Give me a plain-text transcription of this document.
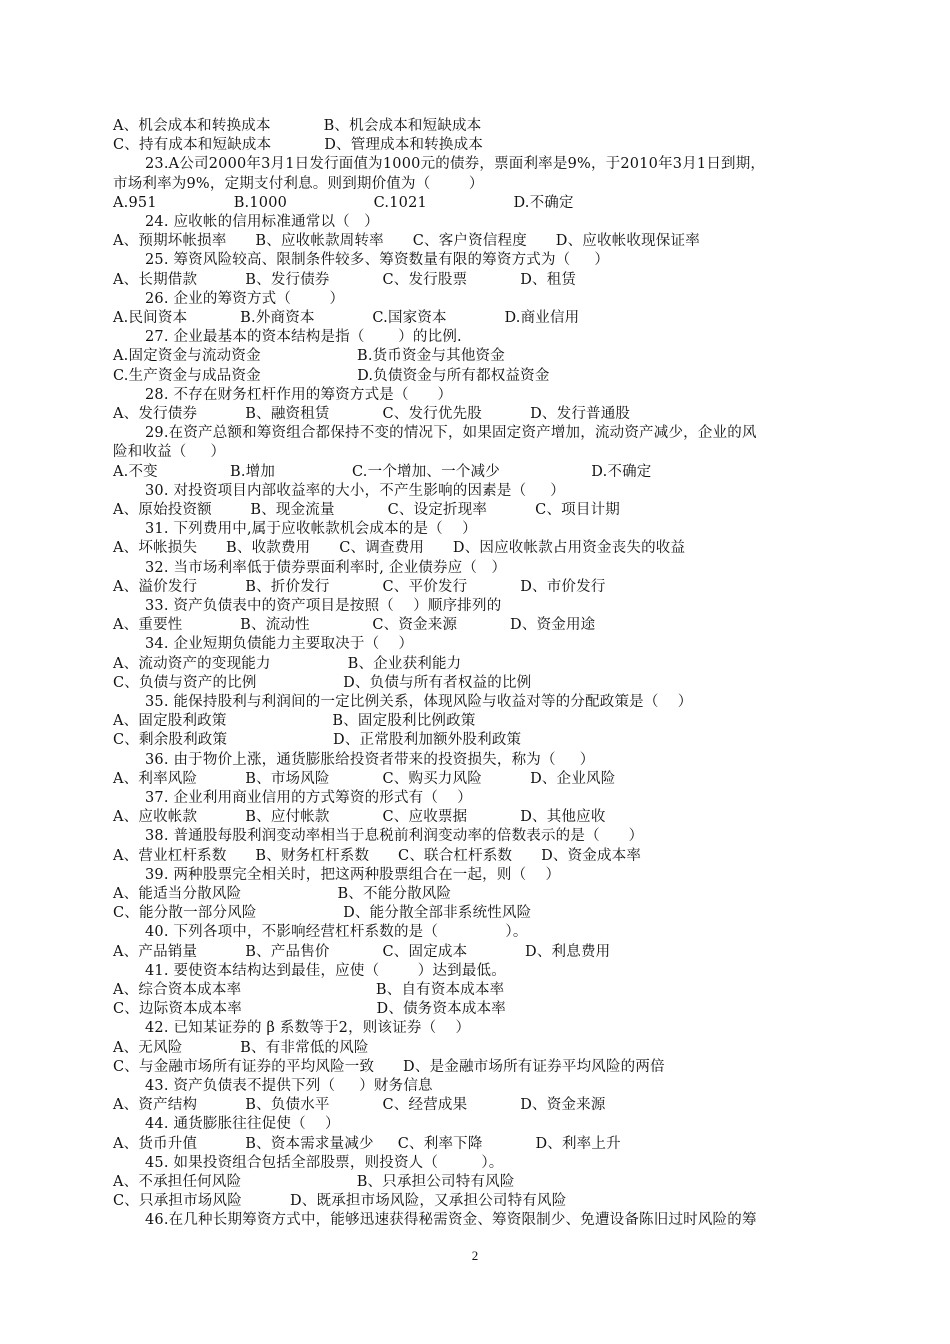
A、机会成本和转换成本           B、机会成本和短缺成本
C、持有成本和短缺成本           D、管理成本和转换成本
23.A公司2000年3月1日发行面值为1000元的债券，票面利率是9%，于2010年3月1日到期，
市场利率为9%，定期支付利息。则到期价值为（        ）
A.951                B.1000                  C.1021                  D.不确定
24. 应收帐的信用标准通常以（   ）
A、预期坏帐损率      B、应收帐款周转率      C、客户资信程度      D、应收帐收现保证率
25. 筹资风险较高、限制条件较多、筹资数量有限的筹资方式为（     ）
A、长期借款          B、发行债券           C、发行股票           D、租赁
26. 企业的筹资方式（        ）
A.民间资本           B.外商资本            C.国家资本            D.商业信用
27. 企业最基本的资本结构是指（       ）的比例.
A.固定资金与流动资金                    B.货币资金与其他资金
C.生产资金与成品资金                    D.负债资金与所有都权益资金
28. 不存在财务杠杆作用的筹资方式是（      ）
A、发行债券          B、融资租赁           C、发行优先股          D、发行普通股
29.在资产总额和筹资组合都保持不变的情况下，如果固定资产增加，流动资产减少，企业的风
险和收益（     ）
A.不变               B.增加                C.一个增加、一个减少                   D.不确定
30. 对投资项目内部收益率的大小，不产生影响的因素是（     ）
A、原始投资额        B、现金流量           C、设定折现率          C、项目计期
31. 下列费用中,属于应收帐款机会成本的是（    ）
A、坏帐损失      B、收款费用      C、调查费用      D、因应收帐款占用资金丧失的收益
32. 当市场利率低于债券票面利率时, 企业债券应（   ）
A、溢价发行          B、折价发行           C、平价发行           D、市价发行
33. 资产负债表中的资产项目是按照（    ）顺序排列的
A、重要性            B、流动性             C、资金来源           D、资金用途
34. 企业短期负债能力主要取决于（    ）
A、流动资产的变现能力                B、企业获利能力
C、负债与资产的比例                  D、负债与所有者权益的比例
35. 能保持股利与利润间的一定比例关系，体现风险与收益对等的分配政策是（    ）
A、固定股利政策                      B、固定股利比例政策
C、剩余股利政策                      D、正常股利加额外股利政策
36. 由于物价上涨，通货膨胀给投资者带来的投资损失，称为（     ）
A、利率风险          B、市场风险           C、购买力风险          D、企业风险
37. 企业利用商业信用的方式筹资的形式有（    ）
A、应收帐款          B、应付帐款           C、应收票据           D、其他应收
38. 普通股每股利润变动率相当于息税前利润变动率的倍数表示的是（      ）
A、营业杠杆系数      B、财务杠杆系数      C、联合杠杆系数      D、资金成本率
39. 两种股票完全相关时，把这两种股票组合在一起，则（    ）
A、能适当分散风险                    B、不能分散风险
C、能分散一部分风险                  D、能分散全部非系统性风险
40. 下列各项中，不影响经营杠杆系数的是（              ）。
A、产品销量          B、产品售价           C、固定成本            D、利息费用
41. 要使资本结构达到最佳，应使（        ）达到最低。
A、综合资本成本率                            B、自有资本成本率
C、边际资本成本率                            D、债务资本成本率
42. 已知某证券的 β 系数等于2，则该证券（    ）
A、无风险            B、有非常低的风险
C、与金融市场所有证券的平均风险一致      D、是金融市场所有证券平均风险的两倍
43. 资产负债表不提供下列（     ）财务信息
A、资产结构          B、负债水平           C、经营成果           D、资金来源
44. 通货膨胀往往促使（    ）
A、货币升值          B、资本需求量减少     C、利率下降           D、利率上升
45. 如果投资组合包括全部股票，则投资人（         ）。
A、不承担任何风险                        B、只承担公司特有风险
C、只承担市场风险          D、既承担市场风险，又承担公司特有风险
46.在几种长期筹资方式中，能够迅速获得秘需资金、筹资限制少、免遭设备陈旧过时风险的筹
2
